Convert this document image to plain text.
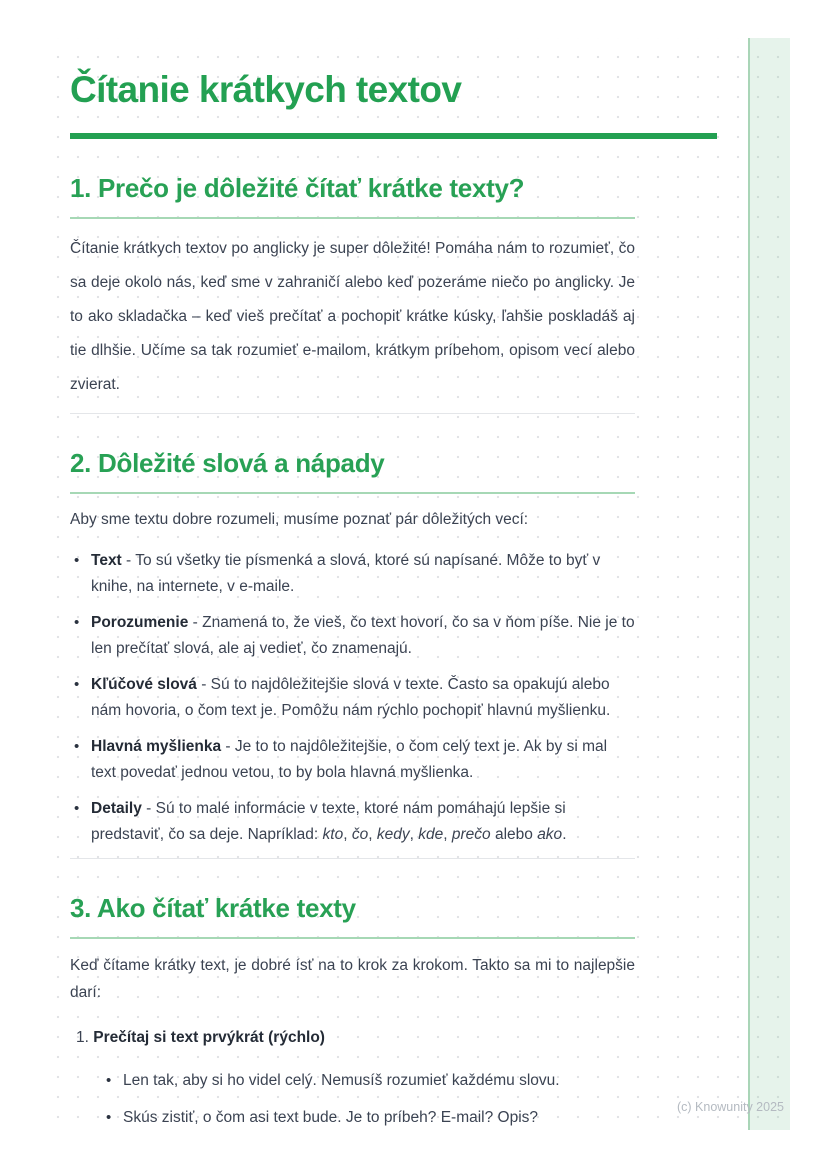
Čítanie krátkych textov
1. Prečo je dôležité čítať krátke texty?

Čítanie krátkych textov po anglicky je super dôležité! Pomáha nám to rozumieť, čo sa deje okolo nás, keď sme v zahraničí alebo keď pozeráme niečo po anglicky. Je to ako skladačka – keď vieš prečítať a pochopiť krátke kúsky, ľahšie poskladáš aj tie dlhšie. Učíme sa tak rozumieť e-mailom, krátkym príbehom, opisom vecí alebo zvierat.

2. Dôležité slová a nápady

Aby sme textu dobre rozumeli, musíme poznať pár dôležitých vecí:

• Text - To sú všetky tie písmenká a slová, ktoré sú napísané. Môže to byť v knihe, na internete, v e-maile.
• Porozumenie - Znamená to, že vieš, čo text hovorí, čo sa v ňom píše. Nie je to len prečítať slová, ale aj vedieť, čo znamenajú.
• Kľúčové slová - Sú to najdôležitejšie slová v texte. Často sa opakujú alebo nám hovoria, o čom text je. Pomôžu nám rýchlo pochopiť hlavnú myšlienku.
• Hlavná myšlienka - Je to to najdôležitejšie, o čom celý text je. Ak by si mal text povedať jednou vetou, to by bola hlavná myšlienka.
• Detaily - Sú to malé informácie v texte, ktoré nám pomáhajú lepšie si predstaviť, čo sa deje. Napríklad: kto, čo, kedy, kde, prečo alebo ako.
3. Ako čítať krátke texty

Keď čítame krátky text, je dobré ísť na to krok za krokom. Takto sa mi to najlepšie darí:

1. Prečítaj si text prvýkrát (rýchlo)
• Len tak, aby si ho videl celý. Nemusíš rozumieť každému slovu.
• Skús zistiť, o čom asi text bude. Je to príbeh? E-mail? Opis?
(c) Knowunity 2025
